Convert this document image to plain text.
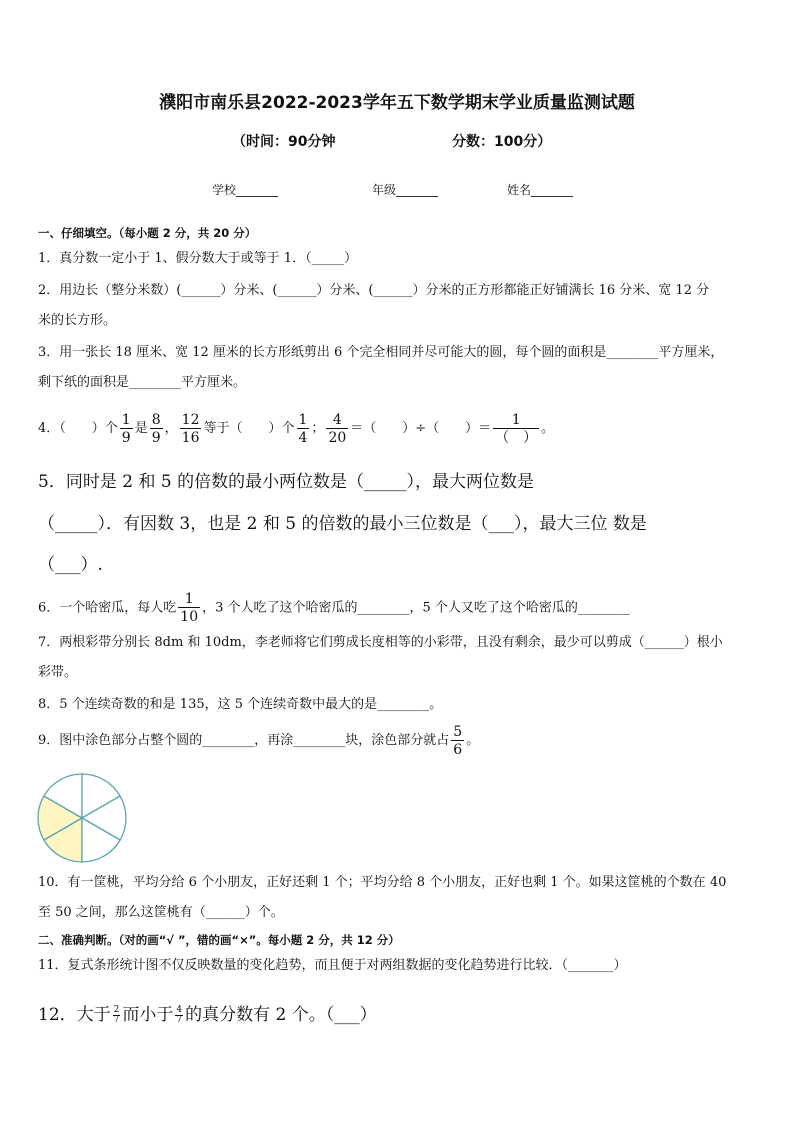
濮阳市南乐县2022-2023学年五下数学期末学业质量监测试题
（时间：90分钟	分数：100分）
学校_______	年级_______	姓名_______
一、仔细填空。（每小题 2 分，共 20 分）
1．真分数一定小于 1、假分数大于或等于 1．（_____）
2．用边长（整分米数）(______）分米、(______）分米、(______）分米的正方形都能正好铺满长 16 分米、宽 12 分
米的长方形。
3．用一张长 18 厘米、宽 12 厘米的长方形纸剪出 6 个完全相同并尽可能大的圆，每个圆的面积是________平方厘米，
剩下纸的面积是________平方厘米。
4．（　　）个 $\frac{1}{9}$ 是 $\frac{8}{9}$ ， $\frac{12}{16}$ 等于（　　）个 $\frac{1}{4}$ ； $\frac{4}{20}$ ＝（　　）÷（　　）＝ $\frac{1}{( )}$ 。
5．同时是 2 和 5 的倍数的最小两位数是（_____），最大两位数是
（_____）．有因数 3，也是 2 和 5 的倍数的最小三位数是（___），最大三位 数是
（___）.
6．一个哈密瓜，每人吃 $\frac{1}{10}$ ，3 个人吃了这个哈密瓜的________，5 个人又吃了这个哈密瓜的________
7．两根彩带分别长 8dm 和 10dm，李老师将它们剪成长度相等的小彩带，且没有剩余，最少可以剪成（______）根小
彩带。
8．5 个连续奇数的和是 135，这 5 个连续奇数中最大的是________。
9．图中涂色部分占整个圆的________，再涂________块，涂色部分就占 $\frac{5}{6}$ 。
10．有一筐桃，平均分给 6 个小朋友，正好还剩 1 个；平均分给 8 个小朋友，正好也剩 1 个。如果这筐桃的个数在 40
至 50 之间，那么这筐桃有（______）个。
二、准确判断。（对的画“√ ”，错的画“×”。每小题 2 分，共 12 分）
11．复式条形统计图不仅反映数量的变化趋势，而且便于对两组数据的变化趋势进行比较．（_______）
12．大于 $\frac{2}{7}$ 而小于 $\frac{4}{7}$ 的真分数有 2 个。（___）
